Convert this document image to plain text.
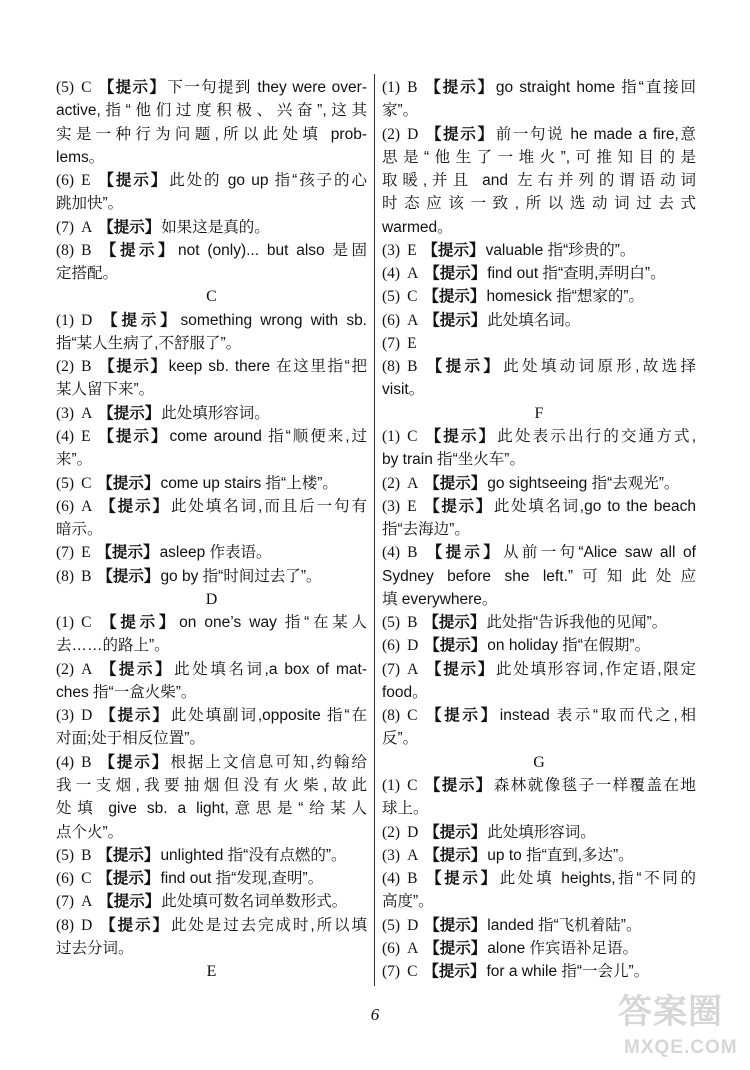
(5) C 【提示】下一句提到 they were over-
active,指“他们过度积极、兴奋”,这其
实是一种行为问题,所以此处填 prob-
lems。
(6) E 【提示】此处的 go up 指“孩子的心
跳加快”。
(7) A 【提示】如果这是真的。
(8) B 【提示】not (only)... but also 是固
定搭配。
C
(1) D 【提示】something wrong with sb.
指“某人生病了,不舒服了”。
(2) B 【提示】keep sb. there 在这里指“把
某人留下来”。
(3) A 【提示】此处填形容词。
(4) E 【提示】come around 指“顺便来,过
来”。
(5) C 【提示】come up stairs 指“上楼”。
(6) A 【提示】此处填名词,而且后一句有
暗示。
(7) E 【提示】asleep 作表语。
(8) B 【提示】go by 指“时间过去了”。
D
(1) C 【提示】on one’s way 指“在某人
去……的路上”。
(2) A 【提示】此处填名词,a box of mat-
ches 指“一盒火柴”。
(3) D 【提示】此处填副词,opposite 指“在
对面;处于相反位置”。
(4) B 【提示】根据上文信息可知,约翰给
我一支烟,我要抽烟但没有火柴,故此
处填 give sb. a light,意思是“给某人
点个火”。
(5) B 【提示】unlighted 指“没有点燃的”。
(6) C 【提示】find out 指“发现,查明”。
(7) A 【提示】此处填可数名词单数形式。
(8) D 【提示】此处是过去完成时,所以填
过去分词。
E
(1) B 【提示】go straight home 指“直接回
家”。
(2) D 【提示】前一句说 he made a fire,意
思是“他生了一堆火”,可推知目的是
取暖,并且 and 左右并列的谓语动词
时态应该一致,所以选动词过去式
warmed。
(3) E 【提示】valuable 指“珍贵的”。
(4) A 【提示】find out 指“查明,弄明白”。
(5) C 【提示】homesick 指“想家的”。
(6) A 【提示】此处填名词。
(7) E
(8) B 【提示】此处填动词原形,故选择
visit。
F
(1) C 【提示】此处表示出行的交通方式,
by train 指“坐火车”。
(2) A 【提示】go sightseeing 指“去观光”。
(3) E 【提示】此处填名词,go to the beach
指“去海边”。
(4) B 【提示】从前一句“Alice saw all of
Sydney before she left.”可知此处应
填 everywhere。
(5) B 【提示】此处指“告诉我他的见闻”。
(6) D 【提示】on holiday 指“在假期”。
(7) A 【提示】此处填形容词,作定语,限定
food。
(8) C 【提示】instead 表示“取而代之,相
反”。
G
(1) C 【提示】森林就像毯子一样覆盖在地
球上。
(2) D 【提示】此处填形容词。
(3) A 【提示】up to 指“直到,多达”。
(4) B 【提示】此处填 heights,指“不同的
高度”。
(5) D 【提示】landed 指“飞机着陆”。
(6) A 【提示】alone 作宾语补足语。
(7) C 【提示】for a while 指“一会儿”。
6	答案圈
MXQE.COM
